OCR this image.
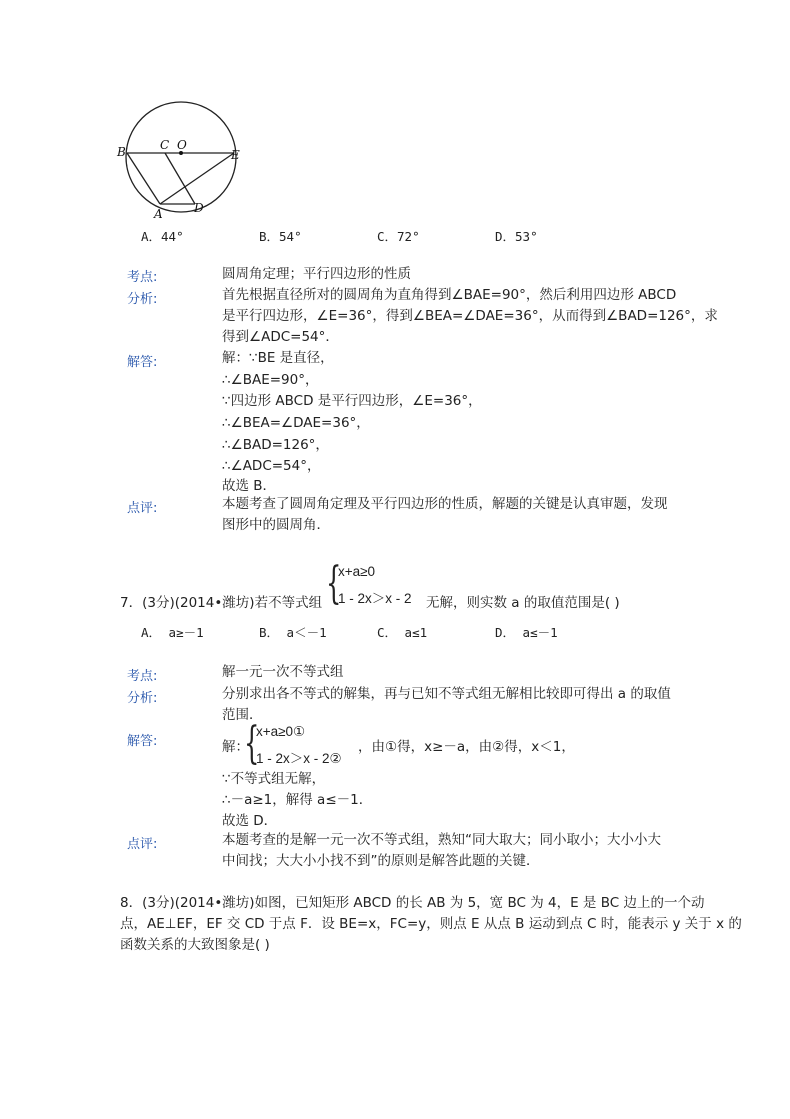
B	C O
E
A	D
A．44°	B．54°	C．72°	D．53°
考点:	圆周角定理；平行四边形的性质
分析:	首先根据直径所对的圆周角为直角得到∠BAE=90°，然后利用四边形 ABCD
是平行四边形，∠E=36°，得到∠BEA=∠DAE=36°，从而得到∠BAD=126°，求
得到∠ADC=54°．
解答:	解：∵BE 是直径，
∴∠BAE=90°，
∵四边形 ABCD 是平行四边形，∠E=36°，
∴∠BEA=∠DAE=36°，
∴∠BAD=126°，
∴∠ADC=54°，
故选 B．
点评:	本题考查了圆周角定理及平行四边形的性质，解题的关键是认真审题，发现
图形中的圆周角．
7．(3分)(2014•潍坊)若不等式组 {
x+a≥0
1 - 2x＞x - 2 无解，则实数 a 的取值范围是( )
A． a≥－1	B． a＜－1	C． a≤1	D． a≤－1
考点:	解一元一次不等式组
分析:	分别求出各不等式的解集，再与已知不等式组无解相比较即可得出 a 的取值
范围．
解答:	解：
{
x+a≥0①
1 - 2x＞x - 2②
，由①得，x≥－a，由②得，x＜1，
∵不等式组无解，
∴－a≥1，解得 a≤－1．
故选 D．
点评:	本题考查的是解一元一次不等式组，熟知“同大取大；同小取小；大小小大
中间找；大大小小找不到”的原则是解答此题的关键．
8．(3分)(2014•潍坊)如图，已知矩形 ABCD 的长 AB 为 5，宽 BC 为 4，E 是 BC 边上的一个动
点，AE⊥EF，EF 交 CD 于点 F．设 BE=x，FC=y，则点 E 从点 B 运动到点 C 时，能表示 y 关于 x 的
函数关系的大致图象是( )
